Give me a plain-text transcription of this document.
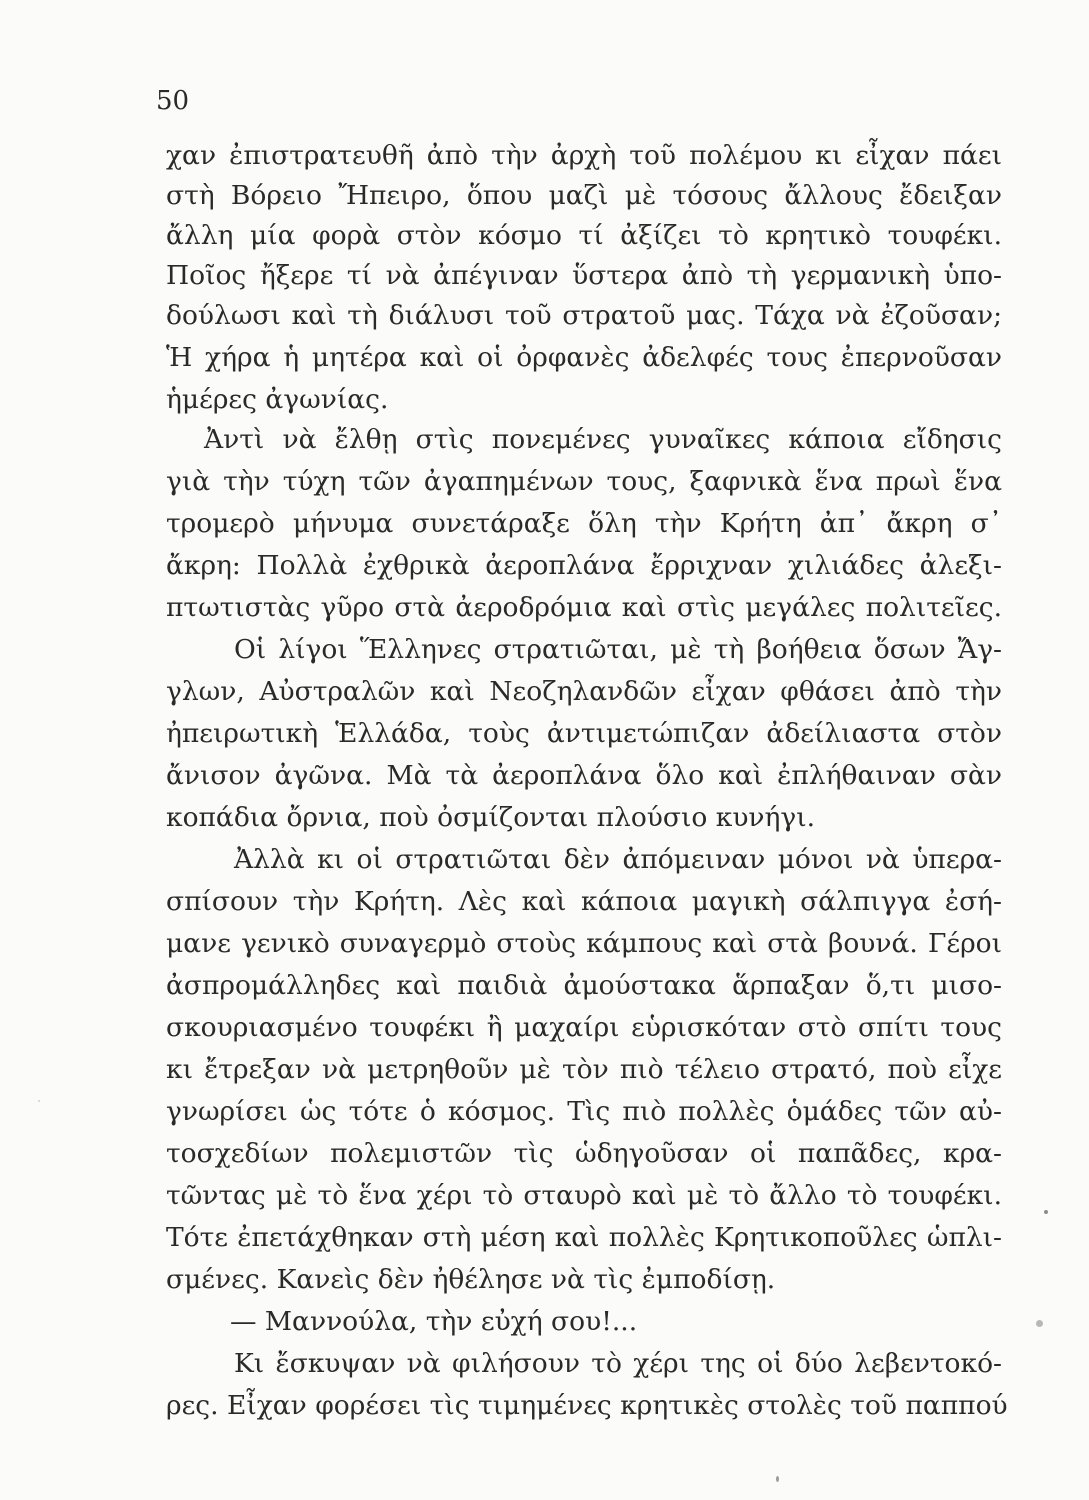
50
χαν ἐπιστρατευθῆ ἀπὸ τὴν ἀρχὴ τοῦ πολέμου κι εἶχαν πάει
στὴ Βόρειο Ἤπειρο, ὅπου μαζὶ μὲ τόσους ἄλλους ἔδειξαν
ἄλλη μία φορὰ στὸν κόσμο τί ἀξίζει τὸ κρητικὸ τουφέκι.
Ποῖος ἤξερε τί νὰ ἀπέγιναν ὕστερα ἀπὸ τὴ γερμανικὴ ὑπο-
δούλωσι καὶ τὴ διάλυσι τοῦ στρατοῦ μας. Τάχα νὰ ἐζοῦσαν;
Ἡ χήρα ἡ μητέρα καὶ οἱ ὀρφανὲς ἀδελφές τους ἐπερνοῦσαν
ἡμέρες ἀγωνίας.
Ἀντὶ νὰ ἔλθῃ στὶς πονεμένες γυναῖκες κάποια εἴδησις
γιὰ τὴν τύχη τῶν ἀγαπημένων τους, ξαφνικὰ ἕνα πρωὶ ἕνα
τρομερὸ μήνυμα συνετάραξε ὅλη τὴν Κρήτη ἀπ᾿ ἄκρη σ᾿
ἄκρη: Πολλὰ ἐχθρικὰ ἀεροπλάνα ἔρριχναν χιλιάδες ἀλεξι-
πτωτιστὰς γῦρο στὰ ἀεροδρόμια καὶ στὶς μεγάλες πολιτεῖες.
Οἱ λίγοι Ἕλληνες στρατιῶται, μὲ τὴ βοήθεια ὅσων Ἄγ-
γλων, Αὐστραλῶν καὶ Νεοζηλανδῶν εἶχαν φθάσει ἀπὸ τὴν
ἠπειρωτικὴ Ἑλλάδα, τοὺς ἀντιμετώπιζαν ἀδείλιαστα στὸν
ἄνισον ἀγῶνα. Μὰ τὰ ἀεροπλάνα ὅλο καὶ ἐπλήθαιναν σὰν
κοπάδια ὄρνια, ποὺ ὀσμίζονται πλούσιο κυνήγι.
Ἀλλὰ κι οἱ στρατιῶται δὲν ἀπόμειναν μόνοι νὰ ὑπερα-
σπίσουν τὴν Κρήτη. Λὲς καὶ κάποια μαγικὴ σάλπιγγα ἐσή-
μανε γενικὸ συναγερμὸ στοὺς κάμπους καὶ στὰ βουνά. Γέροι
ἀσπρομάλληδες καὶ παιδιὰ ἀμούστακα ἅρπαξαν ὅ,τι μισο-
σκουριασμένο τουφέκι ἢ μαχαίρι εὑρισκόταν στὸ σπίτι τους
κι ἔτρεξαν νὰ μετρηθοῦν μὲ τὸν πιὸ τέλειο στρατό, ποὺ εἶχε
γνωρίσει ὡς τότε ὁ κόσμος. Τὶς πιὸ πολλὲς ὁμάδες τῶν αὐ-
τοσχεδίων πολεμιστῶν τὶς ὡδηγοῦσαν οἱ παπᾶδες, κρα-
τῶντας μὲ τὸ ἕνα χέρι τὸ σταυρὸ καὶ μὲ τὸ ἄλλο τὸ τουφέκι.
Τότε ἐπετάχθηκαν στὴ μέση καὶ πολλὲς Κρητικοποῦλες ὡπλι-
σμένες. Κανεὶς δὲν ἠθέλησε νὰ τὶς ἐμποδίσῃ.
— Μαννούλα, τὴν εὐχή σου!...
Κι ἔσκυψαν νὰ φιλήσουν τὸ χέρι της οἱ δύο λεβεντοκό-
ρες. Εἶχαν φορέσει τὶς τιμημένες κρητικὲς στολὲς τοῦ παππού
